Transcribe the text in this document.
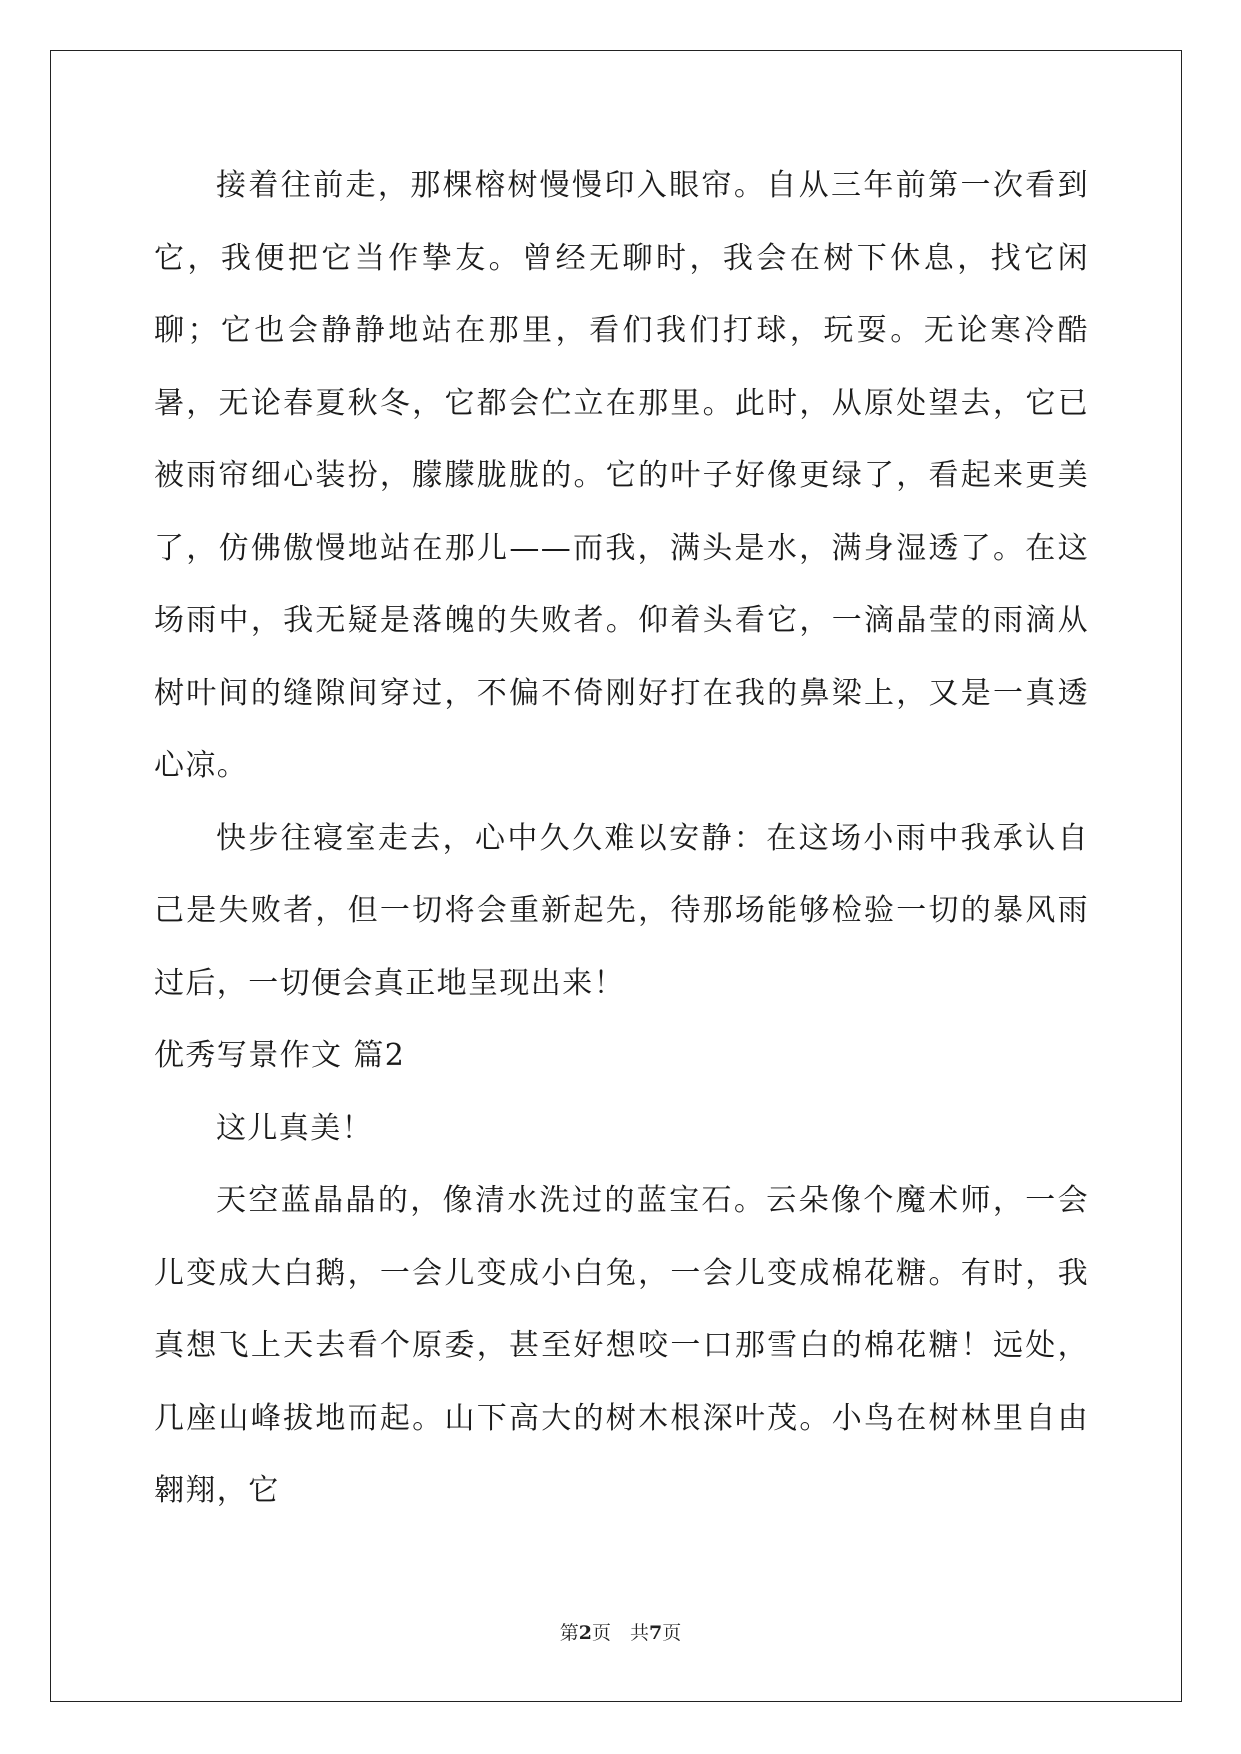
接着往前走，那棵榕树慢慢印入眼帘。自从三年前第一次看到它，我便把它当作挚友。曾经无聊时，我会在树下休息，找它闲聊；它也会静静地站在那里，看们我们打球，玩耍。无论寒冷酷暑，无论春夏秋冬，它都会伫立在那里。此时，从原处望去，它已被雨帘细心装扮，朦朦胧胧的。它的叶子好像更绿了，看起来更美了，仿佛傲慢地站在那儿——而我，满头是水，满身湿透了。在这场雨中，我无疑是落魄的失败者。仰着头看它，一滴晶莹的雨滴从树叶间的缝隙间穿过，不偏不倚刚好打在我的鼻梁上，又是一真透心凉。

快步往寝室走去，心中久久难以安静：在这场小雨中我承认自己是失败者，但一切将会重新起先，待那场能够检验一切的暴风雨过后，一切便会真正地呈现出来！

优秀写景作文 篇2

这儿真美！

天空蓝晶晶的，像清水洗过的蓝宝石。云朵像个魔术师，一会儿变成大白鹅，一会儿变成小白兔，一会儿变成棉花糖。有时，我真想飞上天去看个原委，甚至好想咬一口那雪白的棉花糖！远处，几座山峰拔地而起。山下高大的树木根深叶茂。小鸟在树林里自由翱翔，它

第2页　共7页
